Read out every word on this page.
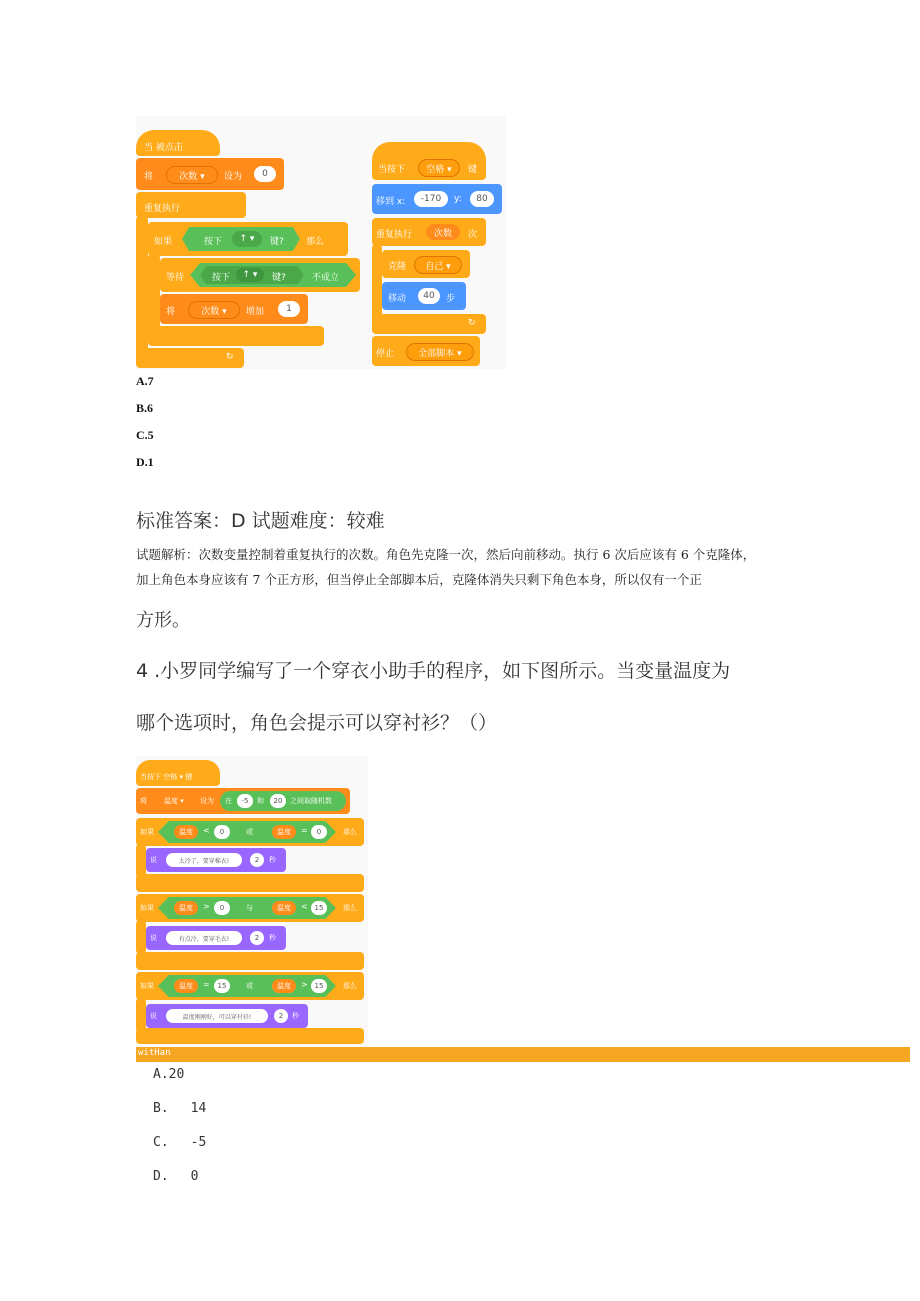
当 被点击
将	次数 ▾	设为	0
重复执行
如果	按下	↑ ▾	键? 那么
等待	按下	↑ ▾	键?	不成立
将	次数 ▾	增加	1
↻
当按下	空格 ▾	键
移到 x:	-170	y:	80
重复执行	次数	次
克隆	自己 ▾
移动	40	步
↻
停止	全部脚本 ▾
A.7
B.6
C.5
D.1
标准答案：D 试题难度：较难
试题解析：次数变量控制着重复执行的次数。角色先克隆一次，然后向前移动。执行 6 次后应该有 6 个克隆体，
加上角色本身应该有 7 个正方形，但当停止全部脚本后，克隆体消失只剩下角色本身，所以仅有一个正
方形。
4 .小罗同学编写了一个穿衣小助手的程序，如下图所示。当变量温度为
哪个选项时，角色会提示可以穿衬衫？（）
当按下 空格 ▾ 键
将 温度 ▾ 设为 在	-5	和	20	之间取随机数
如果	温度	<	0	或	温度	=	0	那么
说	太冷了，要穿棉衣!	2	秒
如果	温度	>	0	与	温度	< 15	那么
说	有点冷，要穿毛衣!	2	秒
如果	温度	=	15	或	温度	> 15	那么
说	温度刚刚好，可以穿衬衫!	2	秒
witHan
A.20
B. 14
C. -5
D. 0
